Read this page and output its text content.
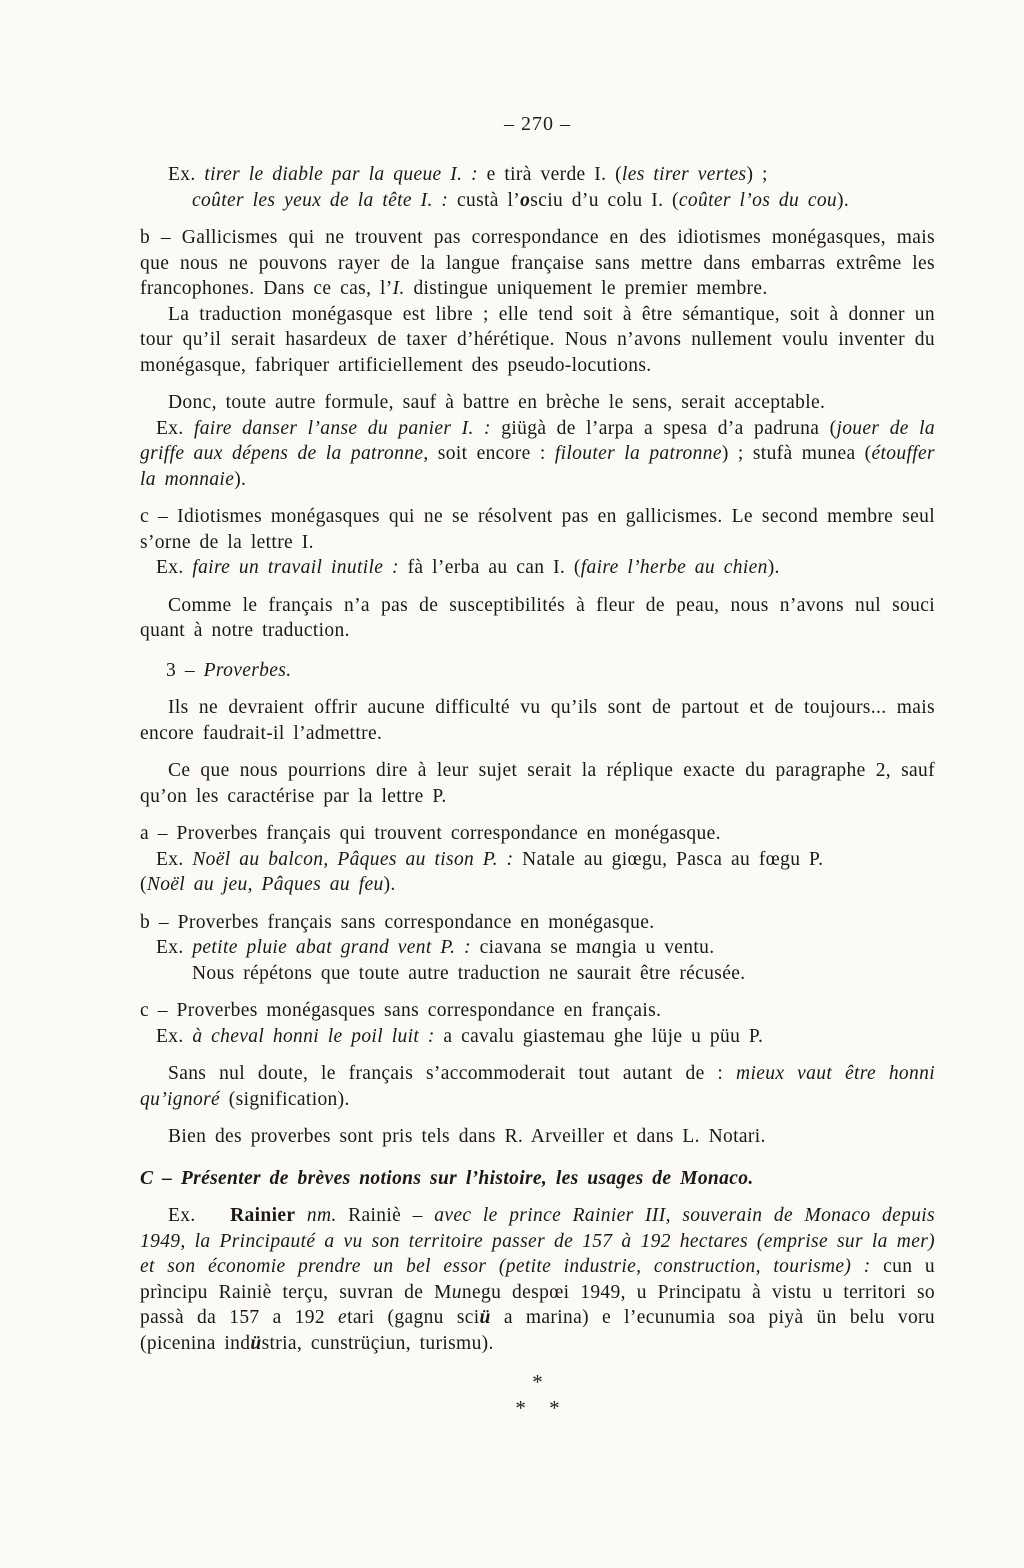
– 270 –
Ex. tirer le diable par la queue I. : e tirà verde I. (les tirer vertes) ;
coûter les yeux de la tête I. : custà l’osciu d’u colu I. (coûter l’os du cou).
b – Gallicismes qui ne trouvent pas correspondance en des idiotismes monégasques, mais que nous ne pouvons rayer de la langue française sans mettre dans embarras extrême les francophones. Dans ce cas, l’I. distingue uniquement le premier membre.
La traduction monégasque est libre ; elle tend soit à être sémantique, soit à donner un tour qu’il serait hasardeux de taxer d’hérétique. Nous n’avons nullement voulu inventer du monégasque, fabriquer artificiellement des pseudo-locutions.
Donc, toute autre formule, sauf à battre en brèche le sens, serait acceptable.
Ex. faire danser l’anse du panier I. : giügà de l’arpa a spesa d’a padruna (jouer de la griffe aux dépens de la patronne, soit encore : filouter la patronne) ; stufà munea (étouffer la monnaie).
c – Idiotismes monégasques qui ne se résolvent pas en gallicismes. Le second membre seul s’orne de la lettre I.
Ex. faire un travail inutile : fà l’erba au can I. (faire l’herbe au chien).
Comme le français n’a pas de susceptibilités à fleur de peau, nous n’avons nul souci quant à notre traduction.
3 – Proverbes.
Ils ne devraient offrir aucune difficulté vu qu’ils sont de partout et de toujours... mais encore faudrait-il l’admettre.
Ce que nous pourrions dire à leur sujet serait la réplique exacte du paragraphe 2, sauf qu’on les caractérise par la lettre P.
a – Proverbes français qui trouvent correspondance en monégasque.
Ex. Noël au balcon, Pâques au tison P. : Natale au giœgu, Pasca au fœgu P.
(Noël au jeu, Pâques au feu).
b – Proverbes français sans correspondance en monégasque.
Ex. petite pluie abat grand vent P. : ciavana se mangia u ventu.
Nous répétons que toute autre traduction ne saurait être récusée.
c – Proverbes monégasques sans correspondance en français.
Ex. à cheval honni le poil luit : a cavalu giastemau ghe lüje u püu P.
Sans nul doute, le français s’accommoderait tout autant de : mieux vaut être honni qu’ignoré (signification).
Bien des proverbes sont pris tels dans R. Arveiller et dans L. Notari.
C – Présenter de brèves notions sur l’histoire, les usages de Monaco.
Ex.   Rainier nm. Rainiè – avec le prince Rainier III, souverain de Monaco depuis 1949, la Principauté a vu son territoire passer de 157 à 192 hectares (emprise sur la mer) et son économie prendre un bel essor (petite industrie, construction, tourisme) : cun u prìncipu Rainiè terçu, suvran de Munegu despœi 1949, u Principatu à vistu u territori so passà da 157 a 192 etari (gagnu sciü a marina) e l’ecunumia soa piyà ün belu voru (picenina indüstria, cunstrüçiun, turismu).
*
* *
